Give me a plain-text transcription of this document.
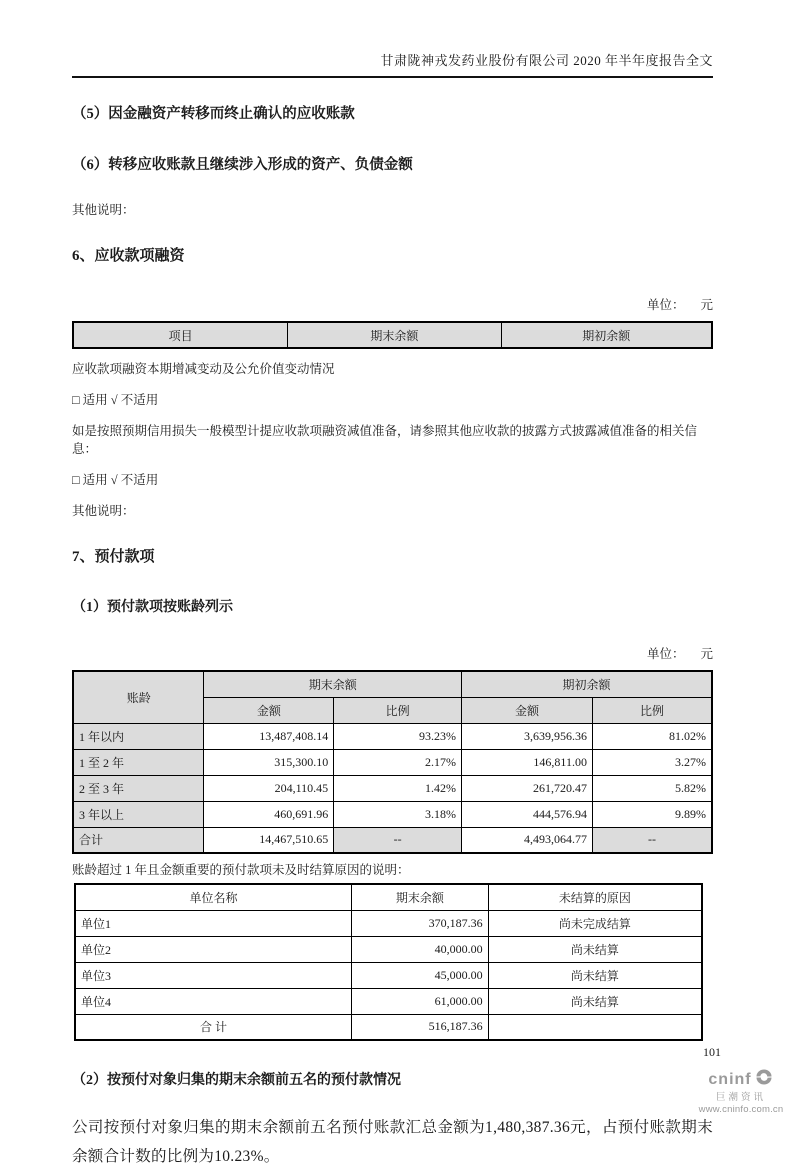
甘肃陇神戎发药业股份有限公司 2020 年半年度报告全文
（5）因金融资产转移而终止确认的应收账款
（6）转移应收账款且继续涉入形成的资产、负债金额
其他说明：
6、应收款项融资
单位： 元
项目	期末余额	期初余额
应收款项融资本期增减变动及公允价值变动情况
□ 适用 √ 不适用
如是按照预期信用损失一般模型计提应收款项融资减值准备，请参照其他应收款的披露方式披露减值准备的相关信息：
□ 适用 √ 不适用
其他说明：
7、预付款项
（1）预付款项按账龄列示
单位： 元
账龄	期末余额		期初余额	
	金额	比例	金额	比例
1 年以内	13,487,408.14	93.23%	3,639,956.36	81.02%
1 至 2 年	315,300.10	2.17%	146,811.00	3.27%
2 至 3 年	204,110.45	1.42%	261,720.47	5.82%
3 年以上	460,691.96	3.18%	444,576.94	9.89%
合计	14,467,510.65	--	4,493,064.77	--
账龄超过 1 年且金额重要的预付款项未及时结算原因的说明：
单位名称	期末余额	未结算的原因
单位1	370,187.36	尚未完成结算
单位2	40,000.00	尚未结算
单位3	45,000.00	尚未结算
单位4	61,000.00	尚未结算
合 计	516,187.36	
（2）按预付对象归集的期末余额前五名的预付款情况
公司按预付对象归集的期末余额前五名预付账款汇总金额为1,480,387.36元，占预付账款期末余额合计数的比例为10.23%。
101
cninf
巨潮资讯
www.cninfo.com.cn
